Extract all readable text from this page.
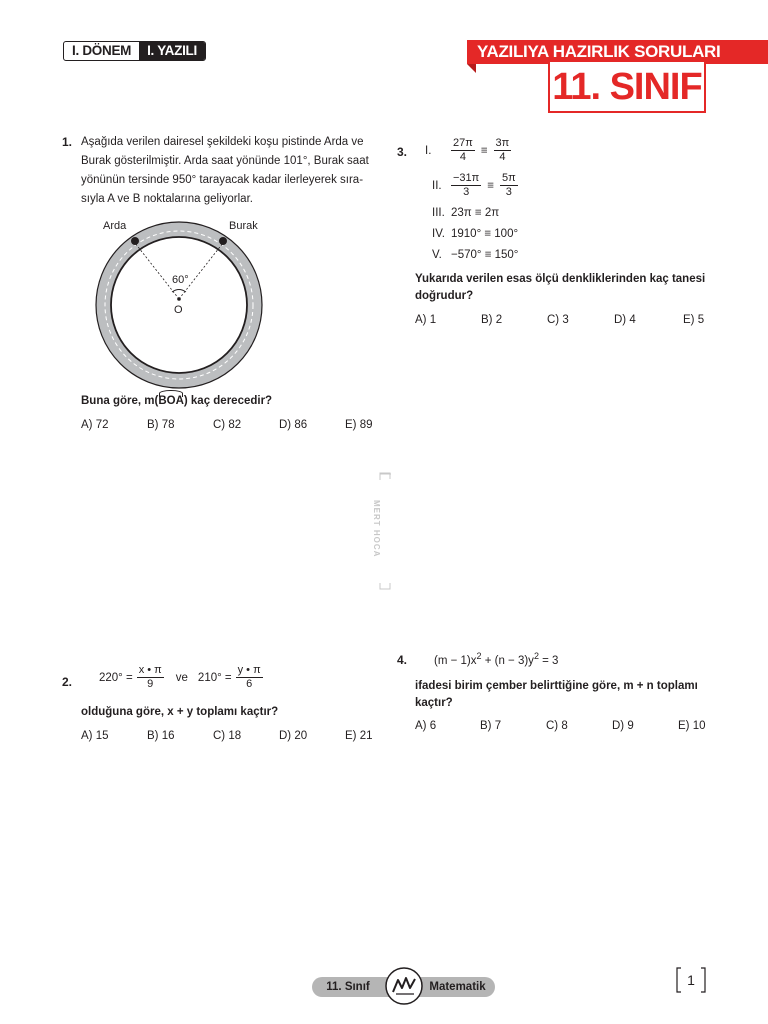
I. DÖNEM	I. YAZILI	YAZILIYA HAZIRLIK SORULARI
11. SINIF
1. Aşağıda verilen dairesel şekildeki koşu pistinde Arda ve
Burak gösterilmiştir. Arda saat yönünde 101°, Burak saat
yönünün tersinde 950° tarayacak kadar ilerleyerek sıra-
sıyla A ve B noktalarına geliyorlar.
Arda	Burak
60°
O
Buna göre, m(
BOA) kaç derecedir?
A) 72	B) 78	C) 82	D) 86	E) 89
3. I.	$\frac{27\pi}{4} \equiv \frac{3\pi}{4}$
II. $\frac{-31\pi}{3} \equiv \frac{5\pi}{3}$
III. 23π ≡ 2π
IV. 1910° ≡ 100°
V. −570° ≡ 150°
Yukarıda verilen esas ölçü denkliklerinden kaç tanesi
doğrudur?
A) 1	B) 2	C) 3	D) 4	E) 5
MERT HOCA
2. $220^\circ = \frac{x • \pi}{9}$ ve $210^\circ = \frac{y • \pi}{6}$
olduğuna göre, x + y toplamı kaçtır?
A) 15	B) 16	C) 18	D) 20	E) 21
4. $(m - 1)x^2 + (n - 3)y^2 = 3$
ifadesi birim çember belirttiğine göre, m + n toplamı
kaçtır?
A) 6	B) 7	C) 8	D) 9	E) 10
11. Sınıf	Matematik	1
